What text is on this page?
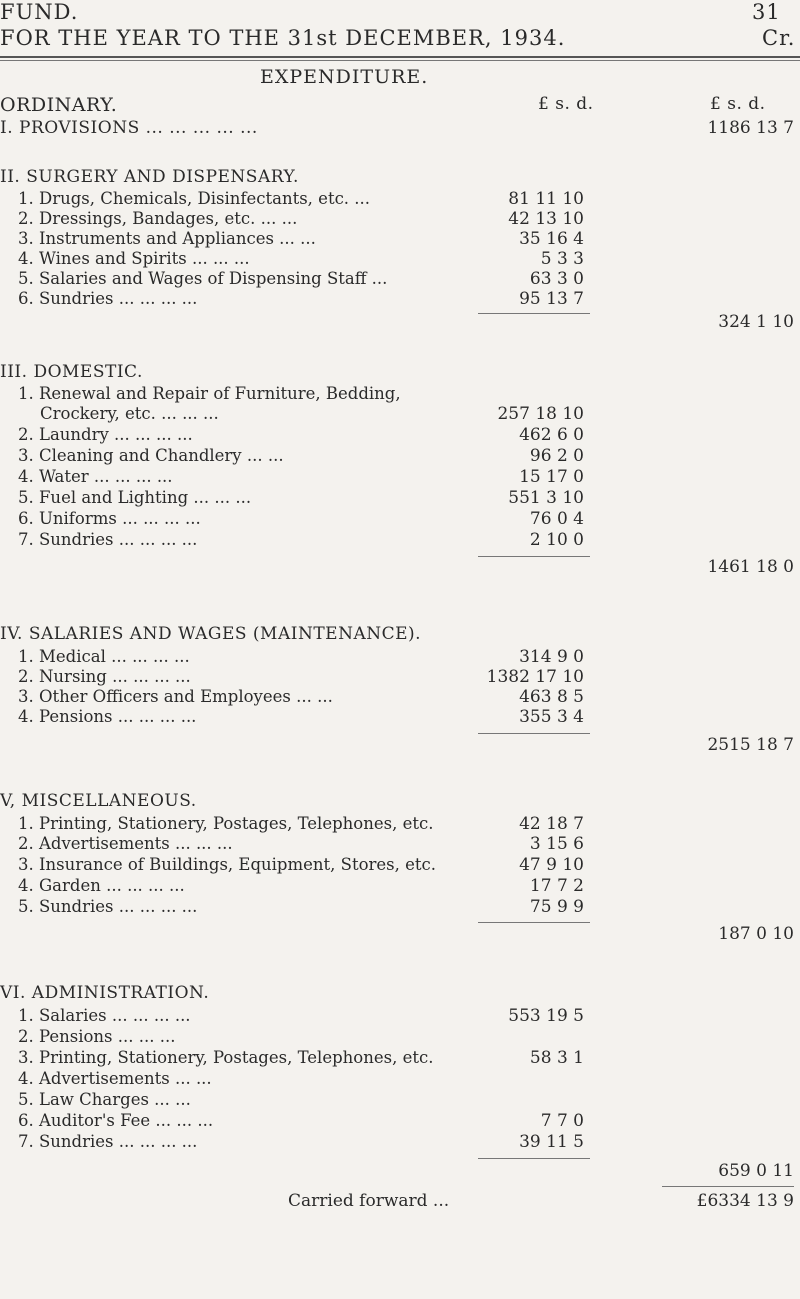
FUND.	31
FOR THE YEAR TO THE 31st DECEMBER, 1934.	Cr.
EXPENDITURE.
ORDINARY.	£ s. d.	£ s. d.
I. PROVISIONS ... ... ... ... ...	1186 13 7
II. SURGERY AND DISPENSARY.
1. Drugs, Chemicals, Disinfectants, etc. ...	81 11 10
2. Dressings, Bandages, etc. ... ...	42 13 10
3. Instruments and Appliances ... ...	35 16 4
4. Wines and Spirits ... ... ...	5 3 3
5. Salaries and Wages of Dispensing Staff ...	63 3 0
6. Sundries ... ... ... ...	95 13 7
324 1 10
III. DOMESTIC.
1. Renewal and Repair of Furniture, Bedding,
Crockery, etc. ... ... ...	257 18 10
2. Laundry ... ... ... ...	462 6 0
3. Cleaning and Chandlery ... ...	96 2 0
4. Water ... ... ... ...	15 17 0
5. Fuel and Lighting ... ... ...	551 3 10
6. Uniforms ... ... ... ...	76 0 4
7. Sundries ... ... ... ...	2 10 0
1461 18 0
IV. SALARIES AND WAGES (MAINTENANCE).
1. Medical ... ... ... ...	314 9 0
2. Nursing ... ... ... ...	1382 17 10
3. Other Officers and Employees ... ...	463 8 5
4. Pensions ... ... ... ...	355 3 4
2515 18 7
V, MISCELLANEOUS.
1. Printing, Stationery, Postages, Telephones, etc.	42 18 7
2. Advertisements ... ... ...	3 15 6
3. Insurance of Buildings, Equipment, Stores, etc.	47 9 10
4. Garden ... ... ... ...	17 7 2
5. Sundries ... ... ... ...	75 9 9
187 0 10
VI. ADMINISTRATION.
1. Salaries ... ... ... ...	553 19 5
2. Pensions ... ... ...
3. Printing, Stationery, Postages, Telephones, etc.	58 3 1
4. Advertisements ... ...
5. Law Charges ... ...
6. Auditor's Fee ... ... ...	7 7 0
7. Sundries ... ... ... ...	39 11 5
659 0 11
Carried forward ...	£6334 13 9
